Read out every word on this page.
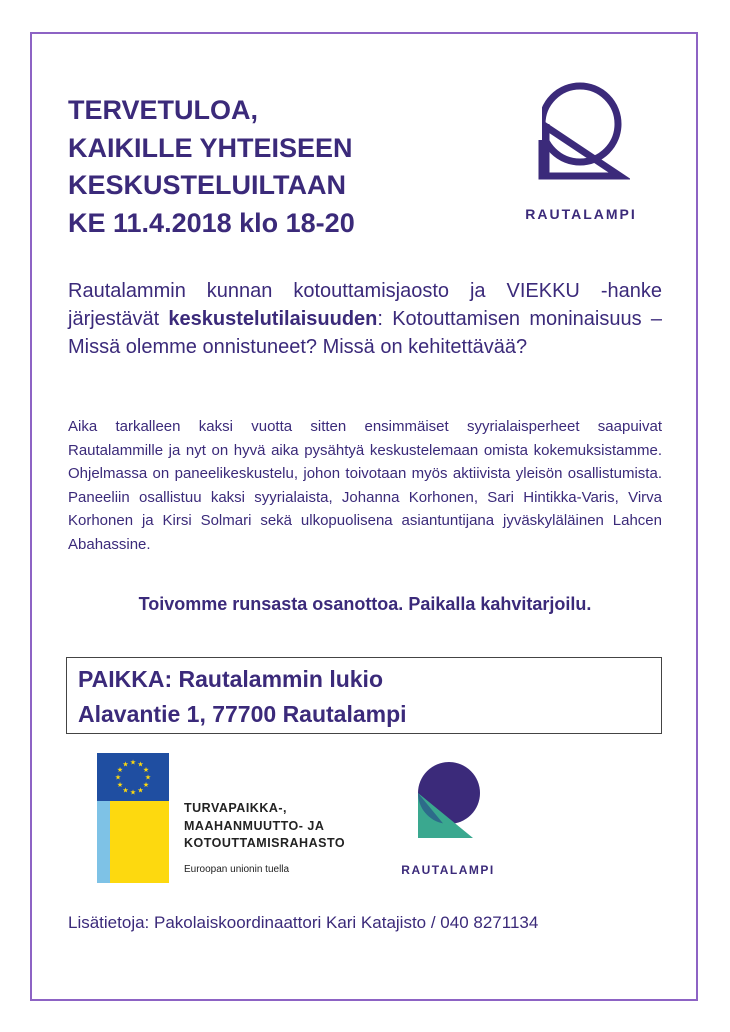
TERVETULOA,
KAIKILLE YHTEISEEN
KESKUSTELUILTAAN
KE 11.4.2018 klo 18-20	RAUTALAMPI
Rautalammin kunnan kotouttamisjaosto ja VIEKKU -hanke järjestävät keskustelutilaisuuden: Kotouttamisen moninaisuus – Missä olemme onnistuneet? Missä on kehitettävää?
Aika tarkalleen kaksi vuotta sitten ensimmäiset syyrialaisperheet saapuivat Rautalammille ja nyt on hyvä aika pysähtyä keskustelemaan omista kokemuksistamme. Ohjelmassa on paneelikeskustelu, johon toivotaan myös aktiivista yleisön osallistumista. Paneeliin osallistuu kaksi syyrialaista, Johanna Korhonen, Sari Hintikka-Varis, Virva Korhonen ja Kirsi Solmari sekä ulkopuolisena asiantuntijana jyväskyläläinen Lahcen Abahassine.
Toivomme runsasta osanottoa. Paikalla kahvitarjoilu.
PAIKKA: Rautalammin lukio
Alavantie 1, 77700 Rautalampi
★
★
★
★
★
★
★
★
★ ★ ★
★
TURVAPAIKKA-,
MAAHANMUUTTO- JA
KOTOUTTAMISRAHASTO
Euroopan unionin tuella	RAUTALAMPI
Lisätietoja: Pakolaiskoordinaattori Kari Katajisto / 040 8271134
